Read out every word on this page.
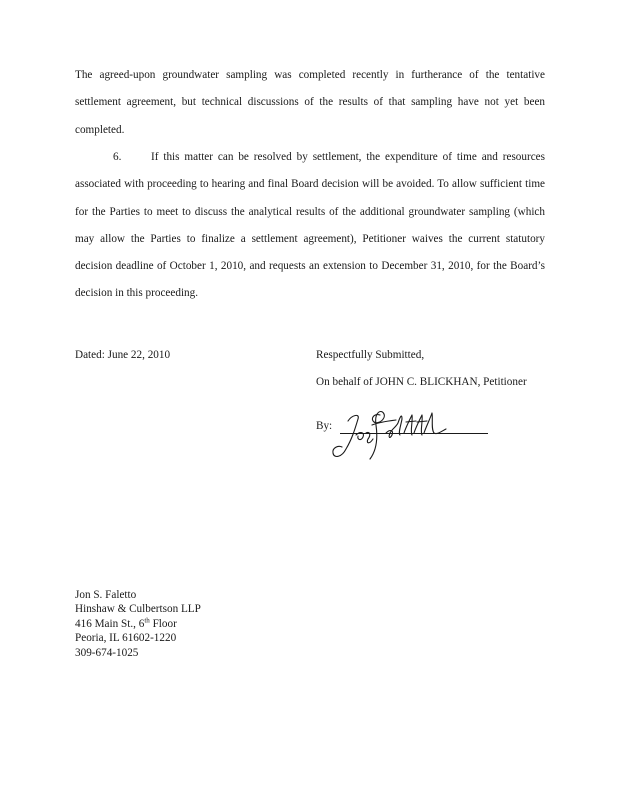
The agreed-upon groundwater sampling was completed recently in furtherance of the tentative settlement agreement, but technical discussions of the results of that sampling have not yet been completed.

6.	If this matter can be resolved by settlement, the expenditure of time and resources associated with proceeding to hearing and final Board decision will be avoided. To allow sufficient time for the Parties to meet to discuss the analytical results of the additional groundwater sampling (which may allow the Parties to finalize a settlement agreement), Petitioner waives the current statutory decision deadline of October 1, 2010, and requests an extension to December 31, 2010, for the Board’s decision in this proceeding.

Dated: June 22, 2010	Respectfully Submitted,

On behalf of JOHN C. BLICKHAN, Petitioner

By:
Jon S. Faletto
Hinshaw & Culbertson LLP
416 Main St., 6th Floor
Peoria, IL 61602-1220
309-674-1025
